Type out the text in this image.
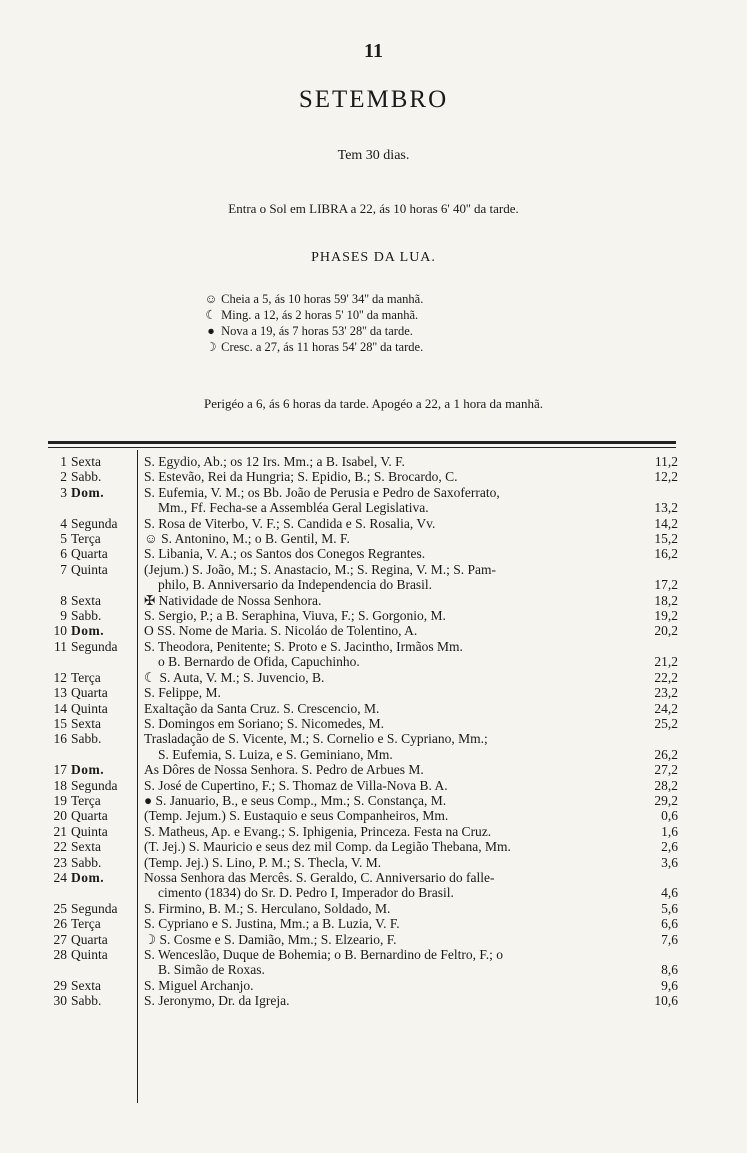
11
SETEMBRO
Tem 30 dias.
Entra o Sol em LIBRA a 22, ás 10 horas 6' 40'' da tarde.
PHASES DA LUA.
☺ Cheia a 5, ás 10 horas 59' 34'' da manhã.
☾ Ming. a 12, ás 2 horas 5' 10'' da manhã.
● Nova a 19, ás 7 horas 53' 28'' da tarde.
☽ Cresc. a 27, ás 11 horas 54' 28'' da tarde.
Perigéo a 6, ás 6 horas da tarde. Apogéo a 22, a 1 hora da manhã.
1 Sexta	S. Egydio, Ab.; os 12 Irs. Mm.; a B. Isabel, V. F.	11,2
2 Sabb.	S. Estevão, Rei da Hungria; S. Epidio, B.; S. Brocardo, C.	12,2
3 Dom.	S. Eufemia, V. M.; os Bb. João de Perusia e Pedro de Saxoferrato,
Mm., Ff. Fecha-se a Assembléa Geral Legislativa.	13,2
4 Segunda	S. Rosa de Viterbo, V. F.; S. Candida e S. Rosalia, Vv.	14,2
5 Terça	☺ S. Antonino, M.; o B. Gentil, M. F.	15,2
6 Quarta	S. Libania, V. A.; os Santos dos Conegos Regrantes.	16,2
7 Quinta	(Jejum.) S. João, M.; S. Anastacio, M.; S. Regina, V. M.; S. Pam-
philo, B. Anniversario da Independencia do Brasil.	17,2
8 Sexta	✠ Natividade de Nossa Senhora.	18,2
9 Sabb.	S. Sergio, P.; a B. Seraphina, Viuva, F.; S. Gorgonio, M.	19,2
10 Dom.	O SS. Nome de Maria. S. Nicoláo de Tolentino, A.	20,2
11 Segunda	S. Theodora, Penitente; S. Proto e S. Jacintho, Irmãos Mm.
o B. Bernardo de Ofida, Capuchinho.	21,2
12 Terça	☾ S. Auta, V. M.; S. Juvencio, B.	22,2
13 Quarta	S. Felippe, M.	23,2
14 Quinta	Exaltação da Santa Cruz. S. Crescencio, M.	24,2
15 Sexta	S. Domingos em Soriano; S. Nicomedes, M.	25,2
16 Sabb.	Trasladação de S. Vicente, M.; S. Cornelio e S. Cypriano, Mm.;
S. Eufemia, S. Luiza, e S. Geminiano, Mm.	26,2
17 Dom.	As Dôres de Nossa Senhora. S. Pedro de Arbues M.	27,2
18 Segunda	S. José de Cupertino, F.; S. Thomaz de Villa-Nova B. A.	28,2
19 Terça	● S. Januario, B., e seus Comp., Mm.; S. Constança, M.	29,2
20 Quarta	(Temp. Jejum.) S. Eustaquio e seus Companheiros, Mm.	0,6
21 Quinta	S. Matheus, Ap. e Evang.; S. Iphigenia, Princeza. Festa na Cruz.	1,6
22 Sexta	(T. Jej.) S. Mauricio e seus dez mil Comp. da Legião Thebana, Mm.	2,6
23 Sabb.	(Temp. Jej.) S. Lino, P. M.; S. Thecla, V. M.	3,6
24 Dom.	Nossa Senhora das Mercês. S. Geraldo, C. Anniversario do falle-
cimento (1834) do Sr. D. Pedro I, Imperador do Brasil.	4,6
25 Segunda	S. Firmino, B. M.; S. Herculano, Soldado, M.	5,6
26 Terça	S. Cypriano e S. Justina, Mm.; a B. Luzia, V. F.	6,6
27 Quarta	☽ S. Cosme e S. Damião, Mm.; S. Elzeario, F.	7,6
28 Quinta	S. Wenceslão, Duque de Bohemia; o B. Bernardino de Feltro, F.; o
B. Simão de Roxas.	8,6
29 Sexta	S. Miguel Archanjo.	9,6
30 Sabb.	S. Jeronymo, Dr. da Igreja.	10,6
